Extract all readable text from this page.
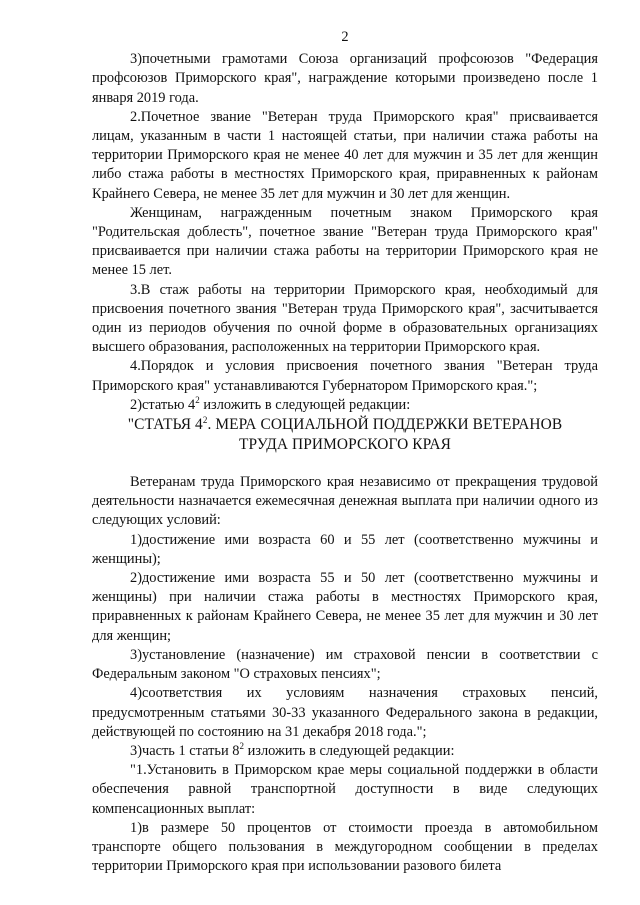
2

3)почетными грамотами Союза организаций профсоюзов "Федерация профсоюзов Приморского края", награждение которыми произведено после 1 января 2019 года.

2.Почетное звание "Ветеран труда Приморского края" присваивается лицам, указанным в части 1 настоящей статьи, при наличии стажа работы на территории Приморского края не менее 40 лет для мужчин и 35 лет для женщин либо стажа работы в местностях Приморского края, приравненных к районам Крайнего Севера, не менее 35 лет для мужчин и 30 лет для женщин.

Женщинам, награжденным почетным знаком Приморского края "Родительская доблесть", почетное звание "Ветеран труда Приморского края" присваивается при наличии стажа работы на территории Приморского края не менее 15 лет.

3.В стаж работы на территории Приморского края, необходимый для присвоения почетного звания "Ветеран труда Приморского края", засчитывается один из периодов обучения по очной форме в образовательных организациях высшего образования, расположенных на территории Приморского края.

4.Порядок и условия присвоения почетного звания "Ветеран труда Приморского края" устанавливаются Губернатором Приморского края.";

2)статью $4^2$ изложить в следующей редакции:

"СТАТЬЯ $4^2$. МЕРА СОЦИАЛЬНОЙ ПОДДЕРЖКИ ВЕТЕРАНОВ
ТРУДА ПРИМОРСКОГО КРАЯ

Ветеранам труда Приморского края независимо от прекращения трудовой деятельности назначается ежемесячная денежная выплата при наличии одного из следующих условий:

1)достижение ими возраста 60 и 55 лет (соответственно мужчины и женщины);

2)достижение ими возраста 55 и 50 лет (соответственно мужчины и женщины) при наличии стажа работы в местностях Приморского края, приравненных к районам Крайнего Севера, не менее 35 лет для мужчин и 30 лет для женщин;

3)установление (назначение) им страховой пенсии в соответствии с Федеральным законом "О страховых пенсиях";

4)соответствия их условиям назначения страховых пенсий, предусмотренным статьями 30-33 указанного Федерального закона в редакции, действующей по состоянию на 31 декабря 2018 года.";

3)часть 1 статьи $8^2$ изложить в следующей редакции:

"1.Установить в Приморском крае меры социальной поддержки в области обеспечения равной транспортной доступности в виде следующих компенсационных выплат:

1)в размере 50 процентов от стоимости проезда в автомобильном транспорте общего пользования в междугородном сообщении в пределах территории Приморского края при использовании разового билета
